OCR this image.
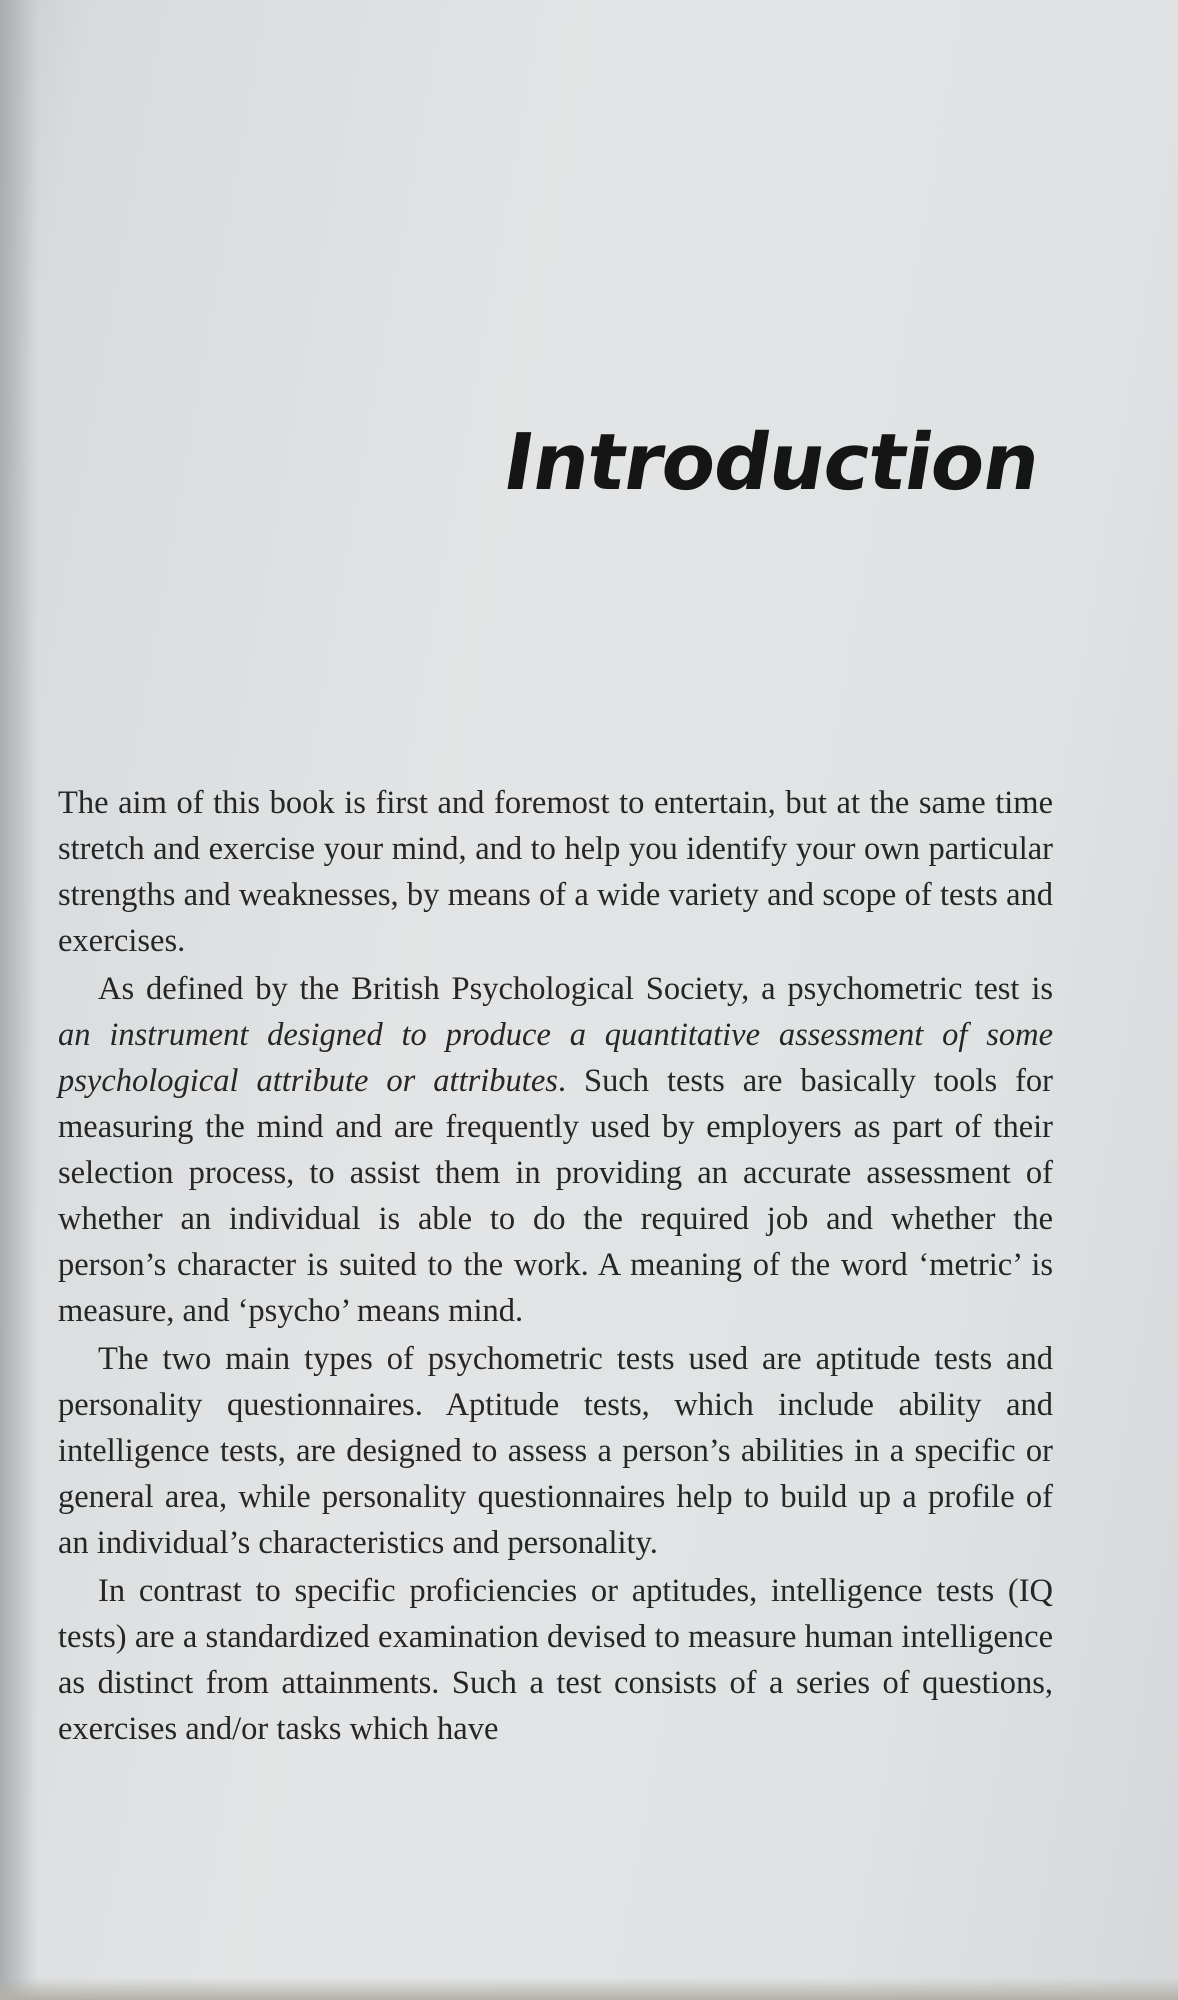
Introduction

The aim of this book is first and foremost to entertain, but at the same time stretch and exercise your mind, and to help you identify your own particular strengths and weaknesses, by means of a wide variety and scope of tests and exercises.

As defined by the British Psychological Society, a psychometric test is an instrument designed to produce a quantitative assessment of some psychological attribute or attributes. Such tests are basically tools for measuring the mind and are frequently used by employers as part of their selection process, to assist them in providing an accurate assessment of whether an individual is able to do the required job and whether the person’s character is suited to the work. A meaning of the word ‘metric’ is measure, and ‘psycho’ means mind.

The two main types of psychometric tests used are aptitude tests and personality questionnaires. Aptitude tests, which include ability and intelligence tests, are designed to assess a person’s abilities in a specific or general area, while personality questionnaires help to build up a profile of an individual’s characteristics and personality.

In contrast to specific proficiencies or aptitudes, intelligence tests (IQ tests) are a standardized examination devised to measure human intelligence as distinct from attainments. Such a test consists of a series of questions, exercises and/or tasks which have
